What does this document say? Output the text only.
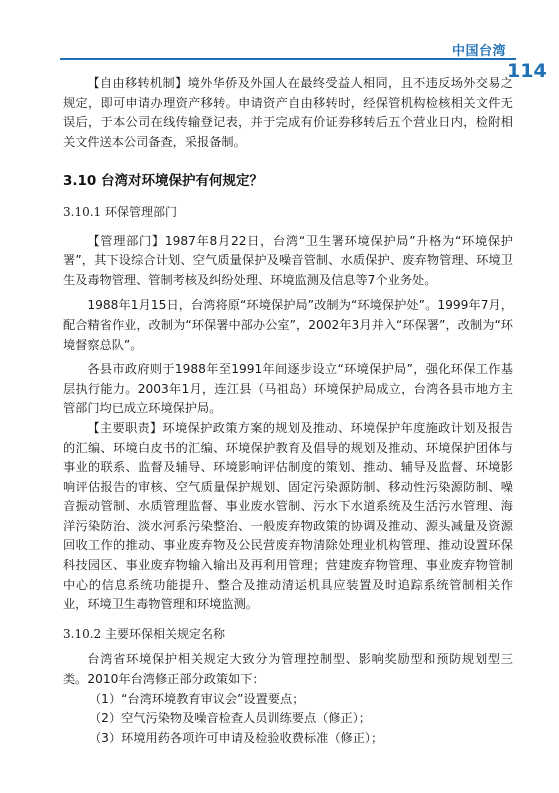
中国台湾
114

【自由移转机制】境外华侨及外国人在最终受益人相同，且不违反场外交易之规定，即可申请办理资产移转。申请资产自由移转时，经保管机构检核相关文件无误后，于本公司在线传输登记表，并于完成有价证券移转后五个营业日内，检附相关文件送本公司备查，采报备制。

3.10 台湾对环境保护有何规定？
3.10.1 环保管理部门

【管理部门】1987年8月22日，台湾“卫生署环境保护局”升格为“环境保护署”，其下设综合计划、空气质量保护及噪音管制、水质保护、废弃物管理、环境卫生及毒物管理、管制考核及纠纷处理、环境监测及信息等7个业务处。

1988年1月15日，台湾将原“环境保护局”改制为“环境保护处”。1999年7月，配合精省作业，改制为“环保署中部办公室”，2002年3月并入“环保署”，改制为“环境督察总队”。

各县市政府则于1988年至1991年间逐步设立“环境保护局”，强化环保工作基层执行能力。2003年1月，连江县（马祖岛）环境保护局成立，台湾各县市地方主管部门均已成立环境保护局。

【主要职责】环境保护政策方案的规划及推动、环境保护年度施政计划及报告的汇编、环境白皮书的汇编、环境保护教育及倡导的规划及推动、环境保护团体与事业的联系、监督及辅导、环境影响评估制度的策划、推动、辅导及监督、环境影响评估报告的审核、空气质量保护规划、固定污染源防制、移动性污染源防制、噪音振动管制、水质管理监督、事业废水管制、污水下水道系统及生活污水管理、海洋污染防治、淡水河系污染整治、一般废弃物政策的协调及推动、源头减量及资源回收工作的推动、事业废弃物及公民营废弃物清除处理业机构管理、推动设置环保科技园区、事业废弃物输入输出及再利用管理；营建废弃物管理、事业废弃物管制中心的信息系统功能提升、整合及推动清运机具应装置及时追踪系统管制相关作业，环境卫生毒物管理和环境监测。

3.10.2 主要环保相关规定名称

台湾省环境保护相关规定大致分为管理控制型、影响奖励型和预防规划型三类。2010年台湾修正部分政策如下：

（1）“台湾环境教育审议会”设置要点；
（2）空气污染物及噪音检查人员训练要点（修正）；
（3）环境用药各项许可申请及检验收费标准（修正）；
